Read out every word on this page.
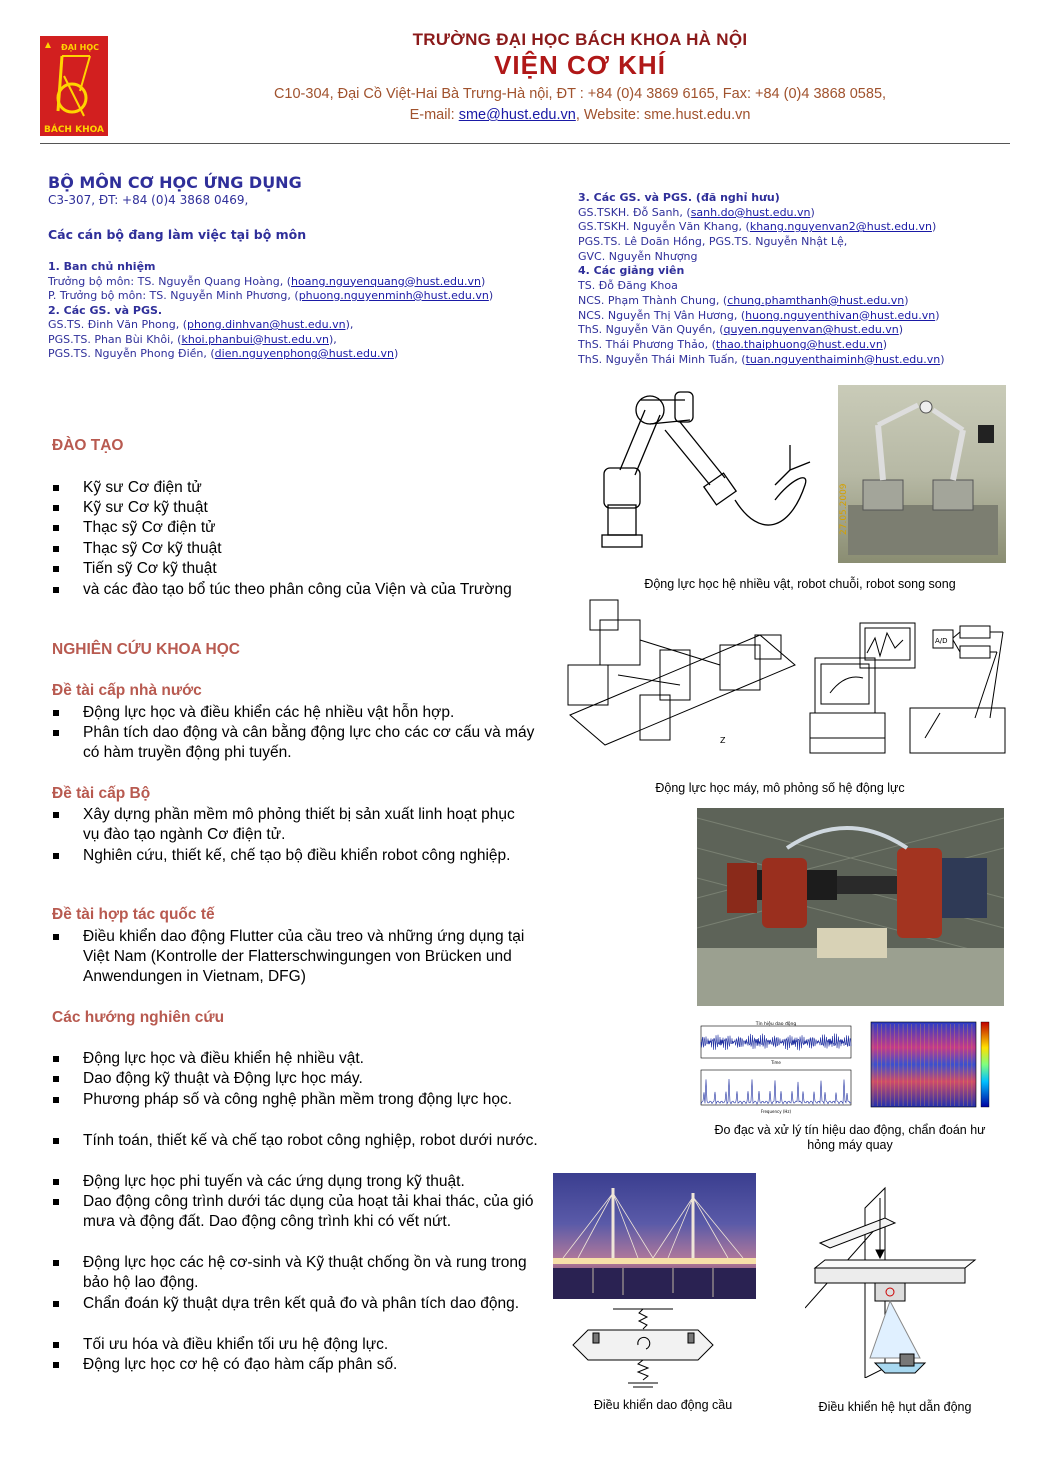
ĐẠI HỌC
BÁCH KHOA
TRƯỜNG ĐẠI HỌC BÁCH KHOA HÀ NỘI
VIỆN CƠ KHÍ
C10-304, Đại Cồ Việt-Hai Bà Trưng-Hà nội, ĐT : +84 (0)4 3869 6165, Fax: +84 (0)4 3868 0585,
E-mail: sme@hust.edu.vn, Website: sme.hust.edu.vn
BỘ MÔN CƠ HỌC ỨNG DỤNG
C3-307, ĐT: +84 (0)4 3868 0469,
Các cán bộ đang làm việc tại bộ môn
1. Ban chủ nhiệm
Trưởng bộ môn: TS. Nguyễn Quang Hoàng, (hoang.nguyenquang@hust.edu.vn)
P. Trưởng bộ môn: TS. Nguyễn Minh Phương, (phuong.nguyenminh@hust.edu.vn)
2. Các GS. và PGS.
GS.TS. Đinh Văn Phong, (phong.dinhvan@hust.edu.vn),
PGS.TS. Phan Bùi Khôi, (khoi.phanbui@hust.edu.vn),
PGS.TS. Nguyễn Phong Điền, (dien.nguyenphong@hust.edu.vn)
3. Các GS. và PGS. (đã nghỉ hưu)
GS.TSKH. Đỗ Sanh, (sanh.do@hust.edu.vn)
GS.TSKH. Nguyễn Văn Khang, (khang.nguyenvan2@hust.edu.vn)
PGS.TS. Lê Doãn Hồng, PGS.TS. Nguyễn Nhật Lệ,
GVC. Nguyễn Nhượng
4. Các giảng viên
TS. Đỗ Đăng Khoa
NCS. Phạm Thành Chung, (chung.phamthanh@hust.edu.vn)
NCS. Nguyễn Thị Vân Hương, (huong.nguyenthivan@hust.edu.vn)
ThS. Nguyễn Văn Quyền, (quyen.nguyenvan@hust.edu.vn)
ThS. Thái Phương Thảo, (thao.thaiphuong@hust.edu.vn)
ThS. Nguyễn Thái Minh Tuấn, (tuan.nguyenthaiminh@hust.edu.vn)
ĐÀO TẠO
Kỹ sư Cơ điện tử
Kỹ sư Cơ kỹ thuật
Thạc sỹ Cơ điện tử
Thạc sỹ Cơ kỹ thuật
Tiến sỹ Cơ kỹ thuật
và các đào tạo bổ túc theo phân công của Viện và của Trường
NGHIÊN CỨU KHOA HỌC
Đề tài cấp nhà nước
Động lực học và điều khiển các hệ nhiều vật hỗn hợp.
Phân tích dao động và cân bằng động lực cho các cơ cấu và máy có hàm truyền động phi tuyến.
Đề tài cấp Bộ
Xây dựng phần mềm mô phỏng thiết bị sản xuất linh hoạt phục vụ đào tạo ngành Cơ điện tử.
Nghiên cứu, thiết kế, chế tạo bộ điều khiển robot công nghiệp.
Đề tài hợp tác quốc tế
Điều khiển dao động Flutter của cầu treo và những ứng dụng tại Việt Nam (Kontrolle der Flatterschwingungen von Brücken und Anwendungen in Vietnam, DFG)
Các hướng nghiên cứu
Động lực học và điều khiển hệ nhiều vật.
Dao động kỹ thuật và Động lực học máy.
Phương pháp số và công nghệ phần mềm trong động lực học.
Tính toán, thiết kế và chế tạo robot công nghiệp, robot dưới nước.
Động lực học phi tuyến và các ứng dụng trong kỹ thuật.
Dao động công trình dưới tác dụng của hoạt tải khai thác, của gió mưa và động đất. Dao động công trình khi có vết nứt.
Động lực học các hệ cơ-sinh và Kỹ thuật chống ồn và rung trong bảo hộ lao động.
Chẩn đoán kỹ thuật dựa trên kết quả đo và phân tích dao động.
Tối ưu hóa và điều khiển tối ưu hệ động lực.
Động lực học cơ hệ có đạo hàm cấp phân số.
27.05.2009
Động lực học hệ nhiều vật, robot chuỗi, robot song song
Z
A/D
Động lực học máy, mô phỏng số hệ động lực
Tín hiệu dao động
Time
Frequency (Hz)
Đo đạc và xử lý tín hiệu dao động, chẩn đoán hư hỏng máy quay
Điều khiển dao động cầu	Điều khiển hệ hụt dẫn động
